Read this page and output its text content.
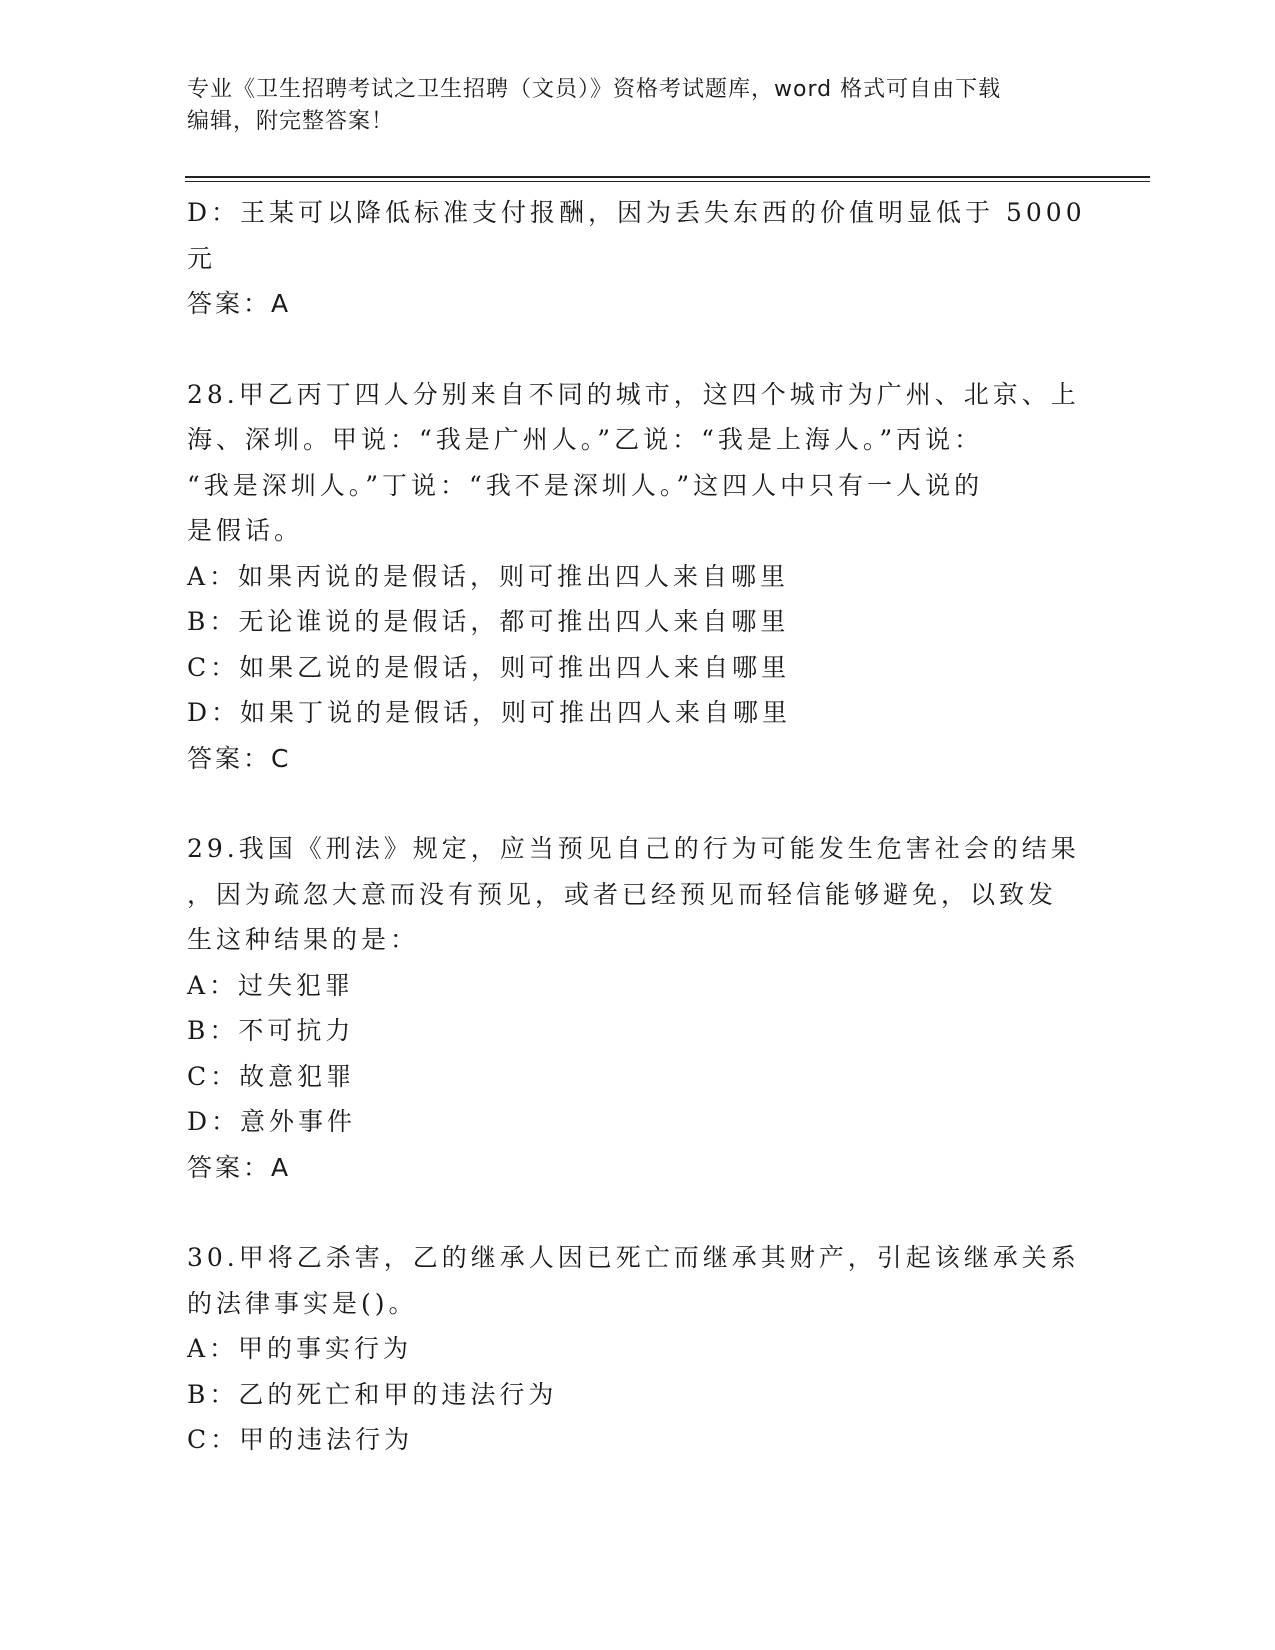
专业《卫生招聘考试之卫生招聘（文员）》资格考试题库，word 格式可自由下载
编辑，附完整答案！
D：王某可以降低标准支付报酬，因为丢失东西的价值明显低于 5000
元
答案：A
28.甲乙丙丁四人分别来自不同的城市，这四个城市为广州、北京、上
海、深圳。甲说：“我是广州人。”乙说：“我是上海人。”丙说：
“我是深圳人。”丁说：“我不是深圳人。”这四人中只有一人说的
是假话。
A：如果丙说的是假话，则可推出四人来自哪里
B：无论谁说的是假话，都可推出四人来自哪里
C：如果乙说的是假话，则可推出四人来自哪里
D：如果丁说的是假话，则可推出四人来自哪里
答案：C
29.我国《刑法》规定，应当预见自己的行为可能发生危害社会的结果
，因为疏忽大意而没有预见，或者已经预见而轻信能够避免，以致发
生这种结果的是：
A：过失犯罪
B：不可抗力
C：故意犯罪
D：意外事件
答案：A
30.甲将乙杀害，乙的继承人因已死亡而继承其财产，引起该继承关系
的法律事实是()。
A：甲的事实行为
B：乙的死亡和甲的违法行为
C：甲的违法行为
